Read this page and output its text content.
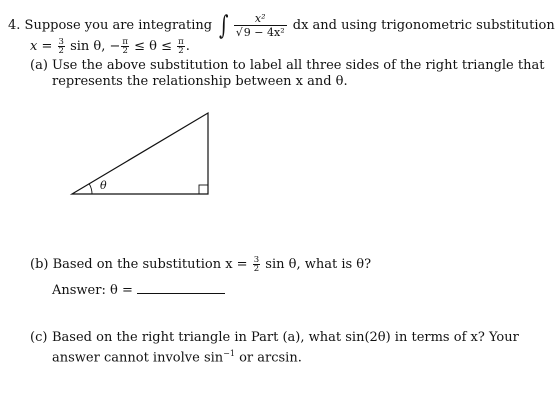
4. Suppose you are integrating ∫ $\frac{\text{x²}}{\text{√9 − 4x²}}$ dx and using trigonometric substitution
$x = \frac{3}{2}$ sin θ, − $\frac{\pi}{2} \le \theta \le \frac{\pi}{2}$ .
(a) Use the above substitution to label all three sides of the right triangle that
represents the relationship between x and θ.
θ
(b) Based on the substitution $x = \frac{3}{2}$ sin θ, what is θ?
Answer: θ =
(c) Based on the right triangle in Part (a), what sin(2θ) in terms of x? Your
answer cannot involve $\sin^{-1}$ or arcsin.
